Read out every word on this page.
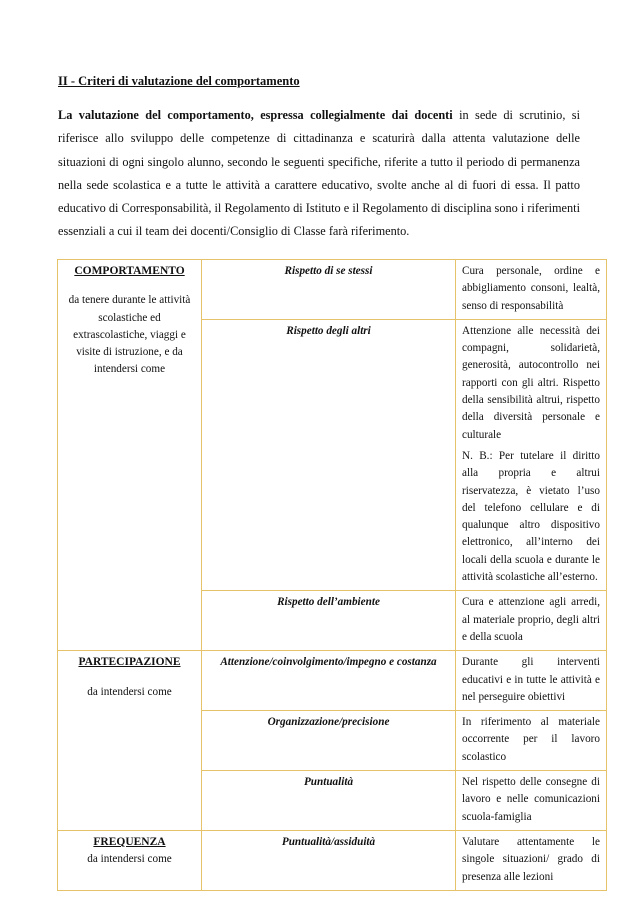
II - Criteri di valutazione del comportamento
La valutazione del comportamento, espressa collegialmente dai docenti in sede di scrutinio, si riferisce allo sviluppo delle competenze di cittadinanza e scaturirà dalla attenta valutazione delle situazioni di ogni singolo alunno, secondo le seguenti specifiche, riferite a tutto il periodo di permanenza nella sede scolastica e a tutte le attività a carattere educativo, svolte anche al di fuori di essa. Il patto educativo di Corresponsabilità, il Regolamento di Istituto e il Regolamento di disciplina sono i riferimenti essenziali a cui il team dei docenti/Consiglio di Classe farà riferimento.
COMPORTAMENTO
da tenere durante le attività scolastiche ed extrascolastiche, viaggi e visite di istruzione, e da intendersi come	Rispetto di se stessi	Cura personale, ordine e abbigliamento consoni, lealtà, senso di responsabilità

	Rispetto degli altri	Attenzione alle necessità dei compagni, solidarietà, generosità, autocontrollo nei rapporti con gli altri. Rispetto della sensibilità altrui, rispetto della diversità personale e culturale

N. B.: Per tutelare il diritto alla propria e altrui riservatezza, è vietato l’uso del telefono cellulare e di qualunque altro dispositivo elettronico, all’interno dei locali della scuola e durante le attività scolastiche all’esterno.

	Rispetto dell’ambiente	Cura e attenzione agli arredi, al materiale proprio, degli altri e della scuola

PARTECIPAZIONE
da intendersi come	Attenzione/coinvolgimento/impegno e costanza	Durante gli interventi educativi e in tutte le attività e nel perseguire obiettivi

	Organizzazione/precisione	In riferimento al materiale occorrente per il lavoro scolastico

	Puntualità	Nel rispetto delle consegne di lavoro e nelle comunicazioni scuola-famiglia

FREQUENZA
da intendersi come	Puntualità/assiduità	Valutare attentamente le singole situazioni/ grado di presenza alle lezioni
